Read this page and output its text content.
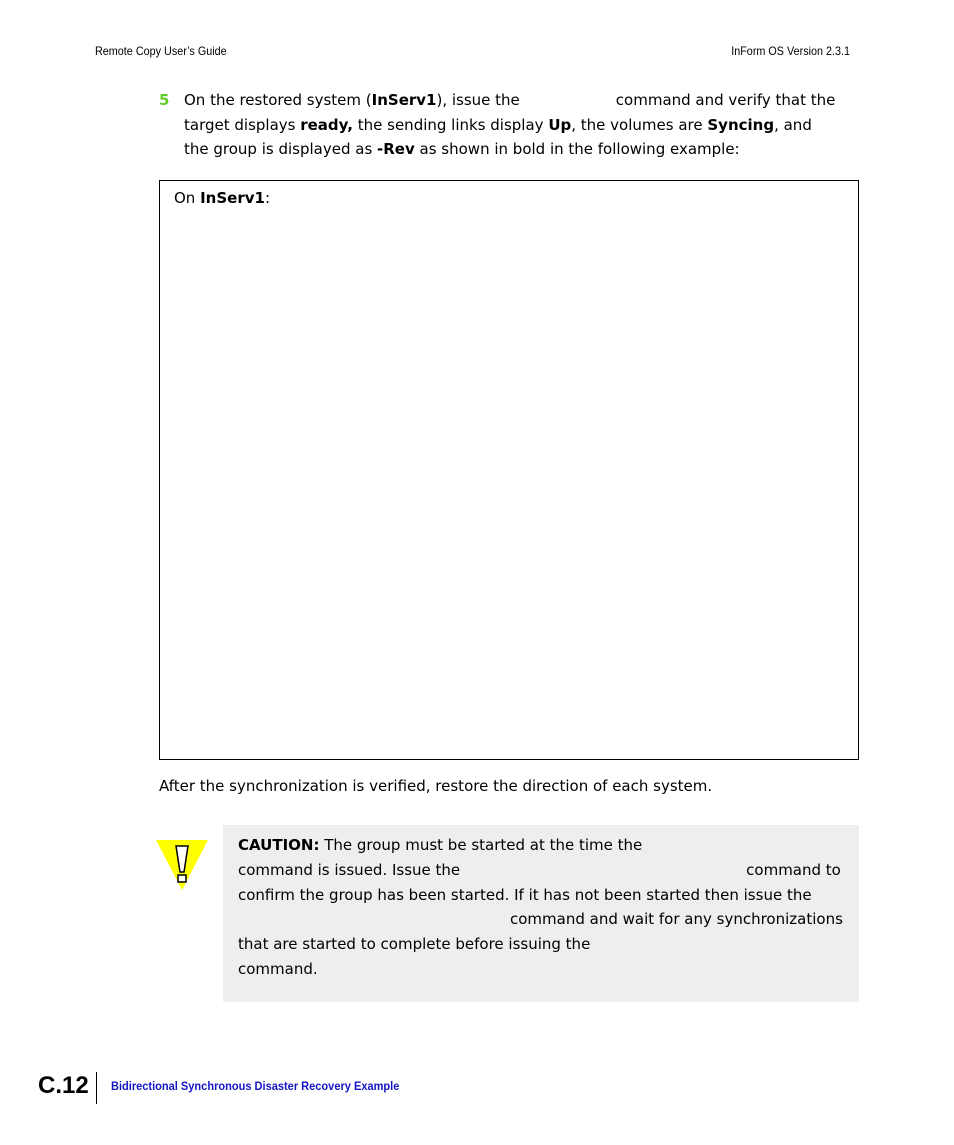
Remote Copy User’s Guide	InForm OS Version 2.3.1
5 On the restored system (InServ1), issue the	command and verify that the target displays ready, the sending links display Up, the volumes are Syncing, and the group is displayed as -Rev as shown in bold in the following example:
On InServ1:
After the synchronization is verified, restore the direction of each system.
CAUTION: The group must be started at the time the
command is issued. Issue the	command to
confirm the group has been started. If it has not been started then issue the
command and wait for any synchronizations
that are started to complete before issuing the
command.
C.12 Bidirectional Synchronous Disaster Recovery Example
